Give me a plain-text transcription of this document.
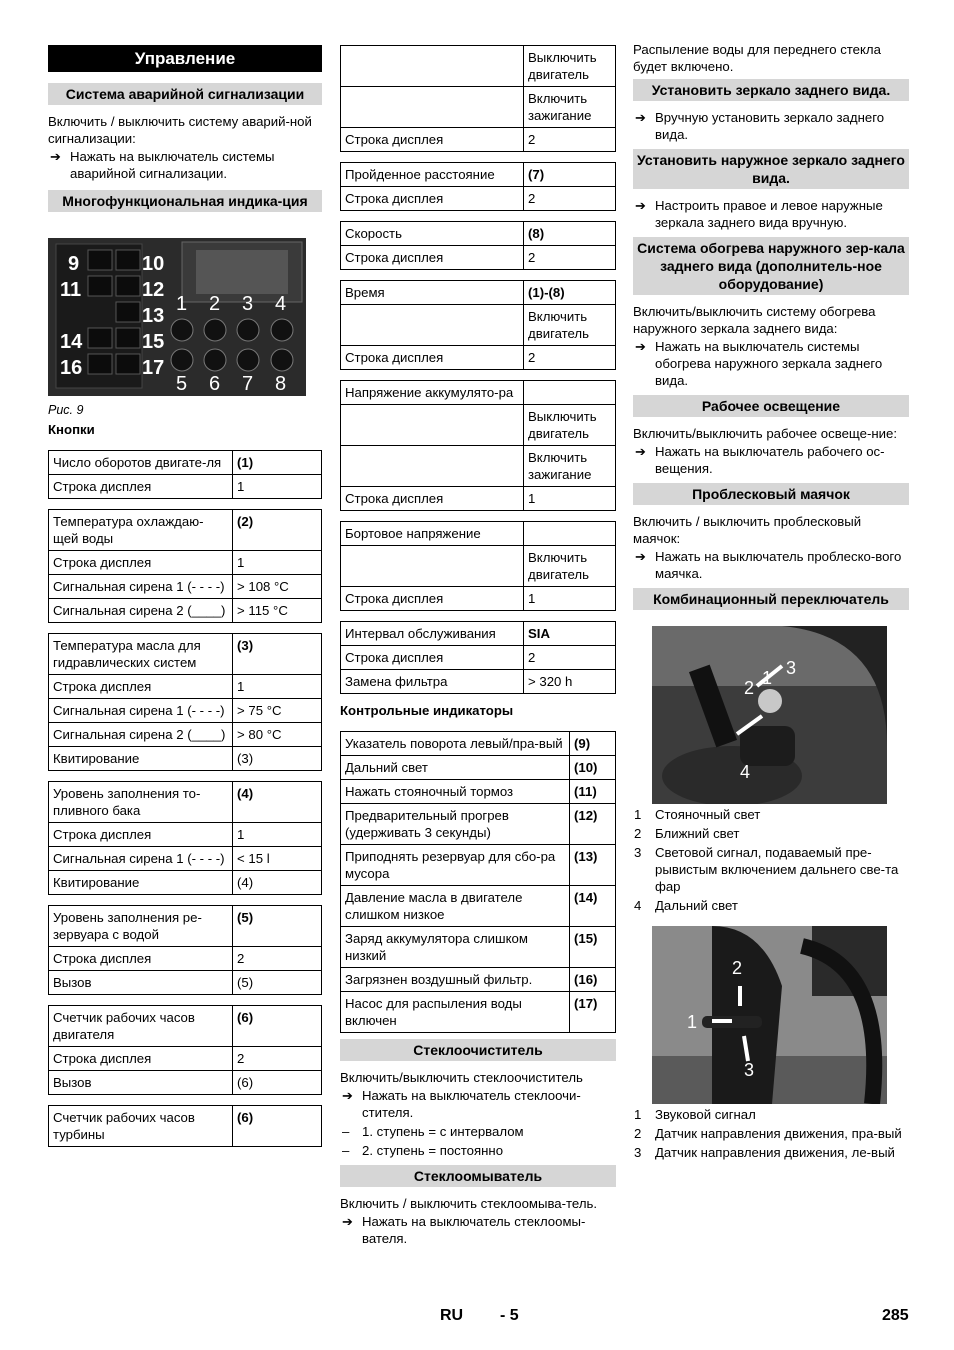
Управление
Система аварийной сигнализации

Включить / выключить систему аварий-ной сигнализации:

➔ Нажать на выключатель системы аварийной сигнализации.
Многофункциональная индика-ция
9
11
14
16
10
12
13
15
17
1 2 3 4
5 6 7 8
Рис. 9
Кнопки
Число оборотов двигате-ля	(1)
Строка дисплея	1
Температура охлаждаю-щей воды	(2)
Строка дисплея	1
Сигнальная сирена 1 (- - - -)	> 108 °C
Сигнальная сирена 2 (____)	> 115 °C
Температура масла для гидравлических систем	(3)
Строка дисплея	1
Сигнальная сирена 1 (- - - -)	> 75 °C
Сигнальная сирена 2 (____)	> 80 °C
Квитирование	(3)
Уровень заполнения то-пливного бака	(4)
Строка дисплея	1
Сигнальная сирена 1 (- - - -)	< 15 l
Квитирование	(4)
Уровень заполнения ре-зервуара с водой	(5)
Строка дисплея	2
Вызов	(5)
Счетчик рабочих часов двигателя	(6)
Строка дисплея	2
Вызов	(6)
Счетчик рабочих часов турбины	(6)
	Выключить двигатель
	Включить зажигание
Строка дисплея	2
Пройденное расстояние	(7)
Строка дисплея	2
Скорость	(8)
Строка дисплея	2
Время	(1)-(8)
	Включить двигатель
Строка дисплея	2
Напряжение аккумулято-ра	
	Выключить двигатель
	Включить зажигание
Строка дисплея	1
Бортовое напряжение	
	Включить двигатель
Строка дисплея	1
Интервал обслуживания	SIA
Строка дисплея	2
Замена фильтра	> 320 h
Контрольные индикаторы
Указатель поворота левый/пра-вый	(9)
Дальний свет	(10)
Нажать стояночный тормоз	(11)
Предварительный прогрев (удерживать 3 секунды)	(12)
Приподнять резервуар для сбо-ра мусора	(13)
Давление масла в двигателе слишком низкое	(14)
Заряд аккумулятора слишком низкий	(15)
Загрязнен воздушный фильтр.	(16)
Насос для распыления воды включен	(17)
Стеклоочиститель

Включить/выключить стеклоочиститель

➔ Нажать на выключатель стеклоочи-стителя.
– 1. ступень = с интервалом
– 2. ступень = постоянно
Стеклоомыватель

Включить / выключить стеклоомыва-тель.

➔ Нажать на выключатель стеклоомы-вателя.

Распыление воды для переднего стекла будет включено.

Установить зеркало заднего вида.
➔ Вручную установить зеркало заднего вида.
Установить наружное зеркало заднего вида.
➔ Настроить правое и левое наружные зеркала заднего вида вручную.
Система обогрева наружного зер-кала заднего вида (дополнитель-ное оборудование)

Включить/выключить систему обогрева наружного зеркала заднего вида:

➔ Нажать на выключатель системы обогрева наружного зеркала заднего вида.
Рабочее освещение

Включить/выключить рабочее освеще-ние:

➔ Нажать на выключатель рабочего ос-вещения.
Проблесковый маячок

Включить / выключить проблесковый маячок:

➔ Нажать на выключатель проблеско-вого маячка.
Комбинационный переключатель
3
1
2
4
1 Стояночный свет
2 Ближний свет
3 Световой сигнал, подаваемый пре-рывистым включением дальнего све-та фар
4 Дальний свет
1
2
3
1 Звуковой сигнал
2 Датчик направления движения, пра-вый
3 Датчик направления движения, ле-вый
RU - 5	285
